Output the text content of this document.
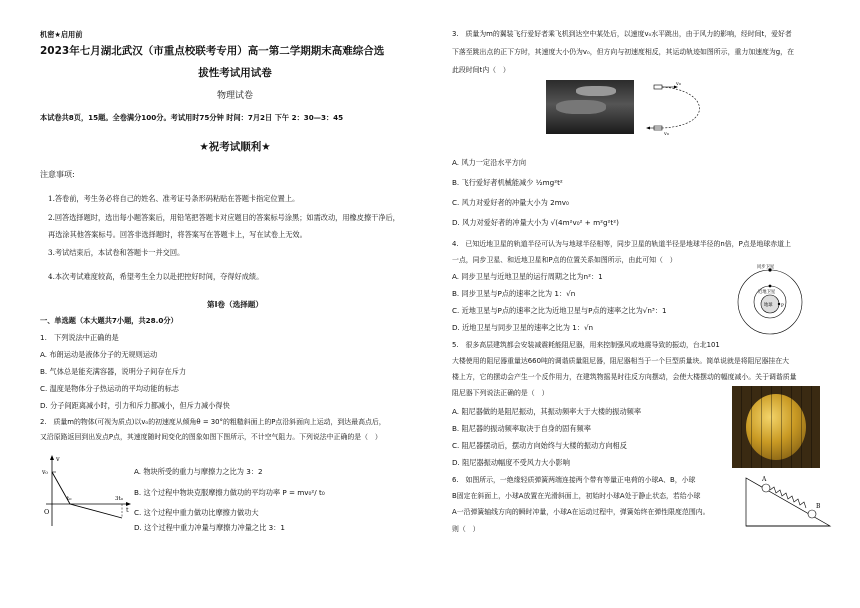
机密★启用前
2023年七月湖北武汉（市重点校联考专用）高一第二学期期末高难综合选
拔性考试用试卷
物理试卷
本试卷共8页，15题。全卷满分100分。考试用时75分钟 时间：7月2日 下午 2：30—3：45
★祝考试顺利★
注意事项:
1.答卷前，考生务必将自己的姓名、准考证号条形码粘贴在答题卡指定位置上。
2.回答选择题时，选出每小题答案后，用铅笔把答题卡对应题目的答案标号涂黑；如需改动，用橡皮擦干净后，
再选涂其他答案标号。回答非选择题时，将答案写在答题卡上，写在试卷上无效。
3.考试结束后，本试卷和答题卡一并交回。
4.本次考试难度较高，希望考生全力以赴把控好时间，夺得好成绩。
第Ⅰ卷（选择题）
一、单选题（本大题共7小题，共28.0分）
1.　下列说法中正确的是
A. 布朗运动是液体分子的无规则运动
B. 气体总是能充满容器，说明分子间存在斥力
C. 温度是物体分子热运动的平均动能的标志
D. 分子间距离减小时，引力和斥力都减小，但斥力减小得快
2.　质量m的物体(可视为质点)以v₀的初速度从倾角θ = 30°的粗糙斜面上的P点沿斜面向上运动，到达最高点后，
又沿原路返回到出发点P点，其速度随时间变化的图象如图下图所示，不计空气阻力。下列说法中正确的是（　）
v
v₀
t
O
t₀	3t₀
A. 物块所受的重力与摩擦力之比为 3：2
B. 这个过程中物块克服摩擦力做功的平均功率 P = mv₀²/ t₀
C. 这个过程中重力做功比摩擦力做功大
D. 这个过程中重力冲量与摩擦力冲量之比 3：1
3.　质量为m的翼装飞行爱好者乘飞机到达空中某处后，以速度v₀水平跳出，由于风力的影响，经时间t，爱好者
下落至跳出点的正下方时，其速度大小仍为v₀，但方向与初速度相反，其运动轨迹如图所示，重力加速度为g，在
此段时间t内（　）
v₀
v₀
A. 风力一定沿水平方向
B. 飞行爱好者机械能减少 ½mg²t²
C. 风力对爱好者的冲量大小为 2mv₀
D. 风力对爱好者的冲量大小为 √(4m²v₀² + m²g²t²)
4.　已知近地卫星的轨道半径可认为与地球半径相等，同步卫星的轨道半径是地球半径的n倍，P点是地球赤道上
一点，同步卫星、和近地卫星和P点的位置关系如图所示，由此可知（　）
A. 同步卫星与近地卫星的运行周期之比为n²：1
B. 同步卫星与P点的速率之比为 1：√n
C. 近地卫星与P点的速率之比为近地卫星与P点的速率之比为√n³：1
D. 近地卫星与同步卫星的速率之比为 1：√n
同步卫星
近地卫星
地球 P
5.　很多高层建筑都会安装减震耗能阻尼器，用来控制强风或地震导致的振动，台北101
大楼使用的阻尼器重量达660吨的调谐质量阻尼器，阻尼器相当于一个巨型质量块。简单说就是将阻尼器挂在大
楼上方，它的摆动会产生一个反作用力，在建筑物摇晃时往反方向摆动，会使大楼摆动的幅度减小。关于调谐质量
阻尼器下列说法正确的是（　）
A. 阻尼器做的是阻尼振动，其振动频率大于大楼的振动频率
B. 阻尼器的振动频率取决于自身的固有频率
C. 阻尼器摆动后，摆动方向始终与大楼的振动方向相反
D. 阻尼器振动幅度不受风力大小影响
6.　如图所示，一绝缘轻质弹簧两端连接两个带有等量正电荷的小球A、B，小球
B固定在斜面上，小球A放置在光滑斜面上，初始时小球A处于静止状态，若给小球
A一沿弹簧轴线方向的瞬时冲量，小球A在运动过程中，弹簧始终在弹性限度范围内。
则（　）
A
B
